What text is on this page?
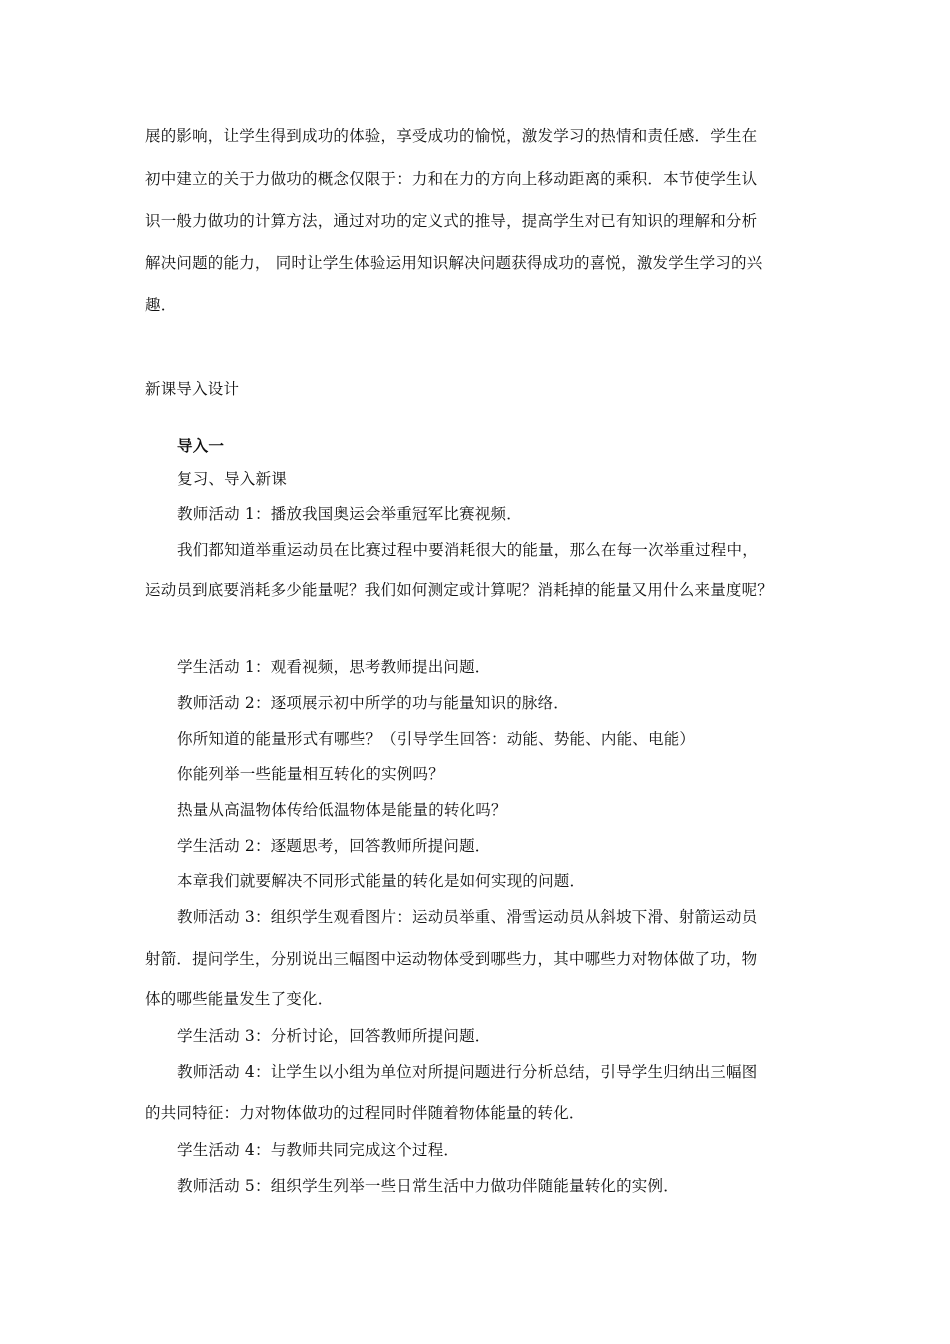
展的影响，让学生得到成功的体验，享受成功的愉悦，激发学习的热情和责任感．学生在
初中建立的关于力做功的概念仅限于：力和在力的方向上移动距离的乘积．本节使学生认
识一般力做功的计算方法，通过对功的定义式的推导，提高学生对已有知识的理解和分析
解决问题的能力， 同时让学生体验运用知识解决问题获得成功的喜悦，激发学生学习的兴
趣．
新课导入设计
导入一
复习、导入新课
教师活动 1：播放我国奥运会举重冠军比赛视频．
我们都知道举重运动员在比赛过程中要消耗很大的能量，那么在每一次举重过程中，
运动员到底要消耗多少能量呢？我们如何测定或计算呢？消耗掉的能量又用什么来量度呢？
学生活动 1：观看视频，思考教师提出问题．
教师活动 2：逐项展示初中所学的功与能量知识的脉络．
你所知道的能量形式有哪些？（引导学生回答：动能、势能、内能、电能）
你能列举一些能量相互转化的实例吗？
热量从高温物体传给低温物体是能量的转化吗？
学生活动 2：逐题思考，回答教师所提问题．
本章我们就要解决不同形式能量的转化是如何实现的问题．
教师活动 3：组织学生观看图片：运动员举重、滑雪运动员从斜坡下滑、射箭运动员
射箭．提问学生，分别说出三幅图中运动物体受到哪些力，其中哪些力对物体做了功，物
体的哪些能量发生了变化．
学生活动 3：分析讨论，回答教师所提问题．
教师活动 4：让学生以小组为单位对所提问题进行分析总结，引导学生归纳出三幅图
的共同特征：力对物体做功的过程同时伴随着物体能量的转化．
学生活动 4：与教师共同完成这个过程．
教师活动 5：组织学生列举一些日常生活中力做功伴随能量转化的实例．
